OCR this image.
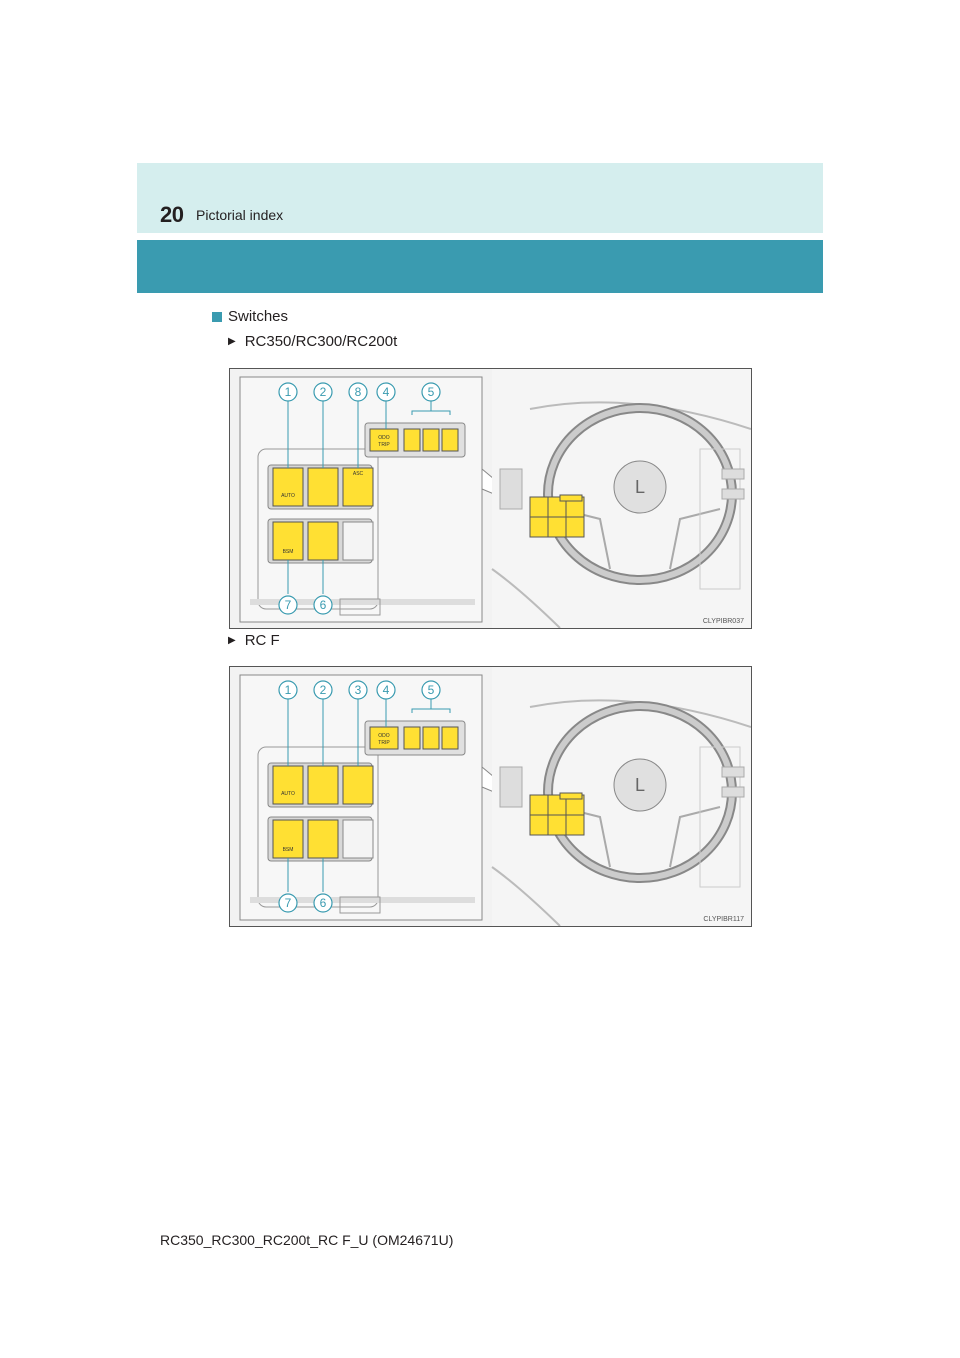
20 Pictorial index
Switches
▶ RC350/RC300/RC200t
ODO
TRIP
AUTO
ASC
BSM
1 2 8 4	5
7 6
L
CLYPIBR037
▶ RC F
ODO
TRIP
AUTO
BSM
1 2 3 4	5
7 6
L
CLYPIBR117
RC350_RC300_RC200t_RC F_U (OM24671U)
